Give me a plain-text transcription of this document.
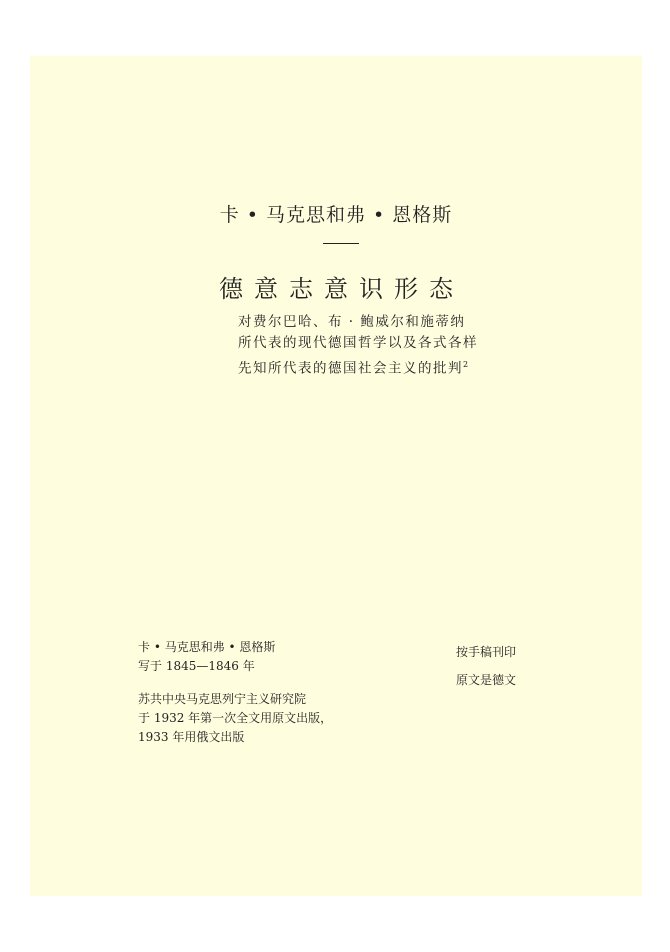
卡 • 马克思和弗 • 恩格斯
德意志意识形态
对费尔巴哈、布 · 鲍威尔和施蒂纳
所代表的现代德国哲学以及各式各样
先知所代表的德国社会主义的批判$^2$
卡 • 马克思和弗 • 恩格斯
写于 1845—1846 年
苏共中央马克思列宁主义研究院
于 1932 年第一次全文用原文出版，
1933 年用俄文出版
按手稿刊印
原文是德文
